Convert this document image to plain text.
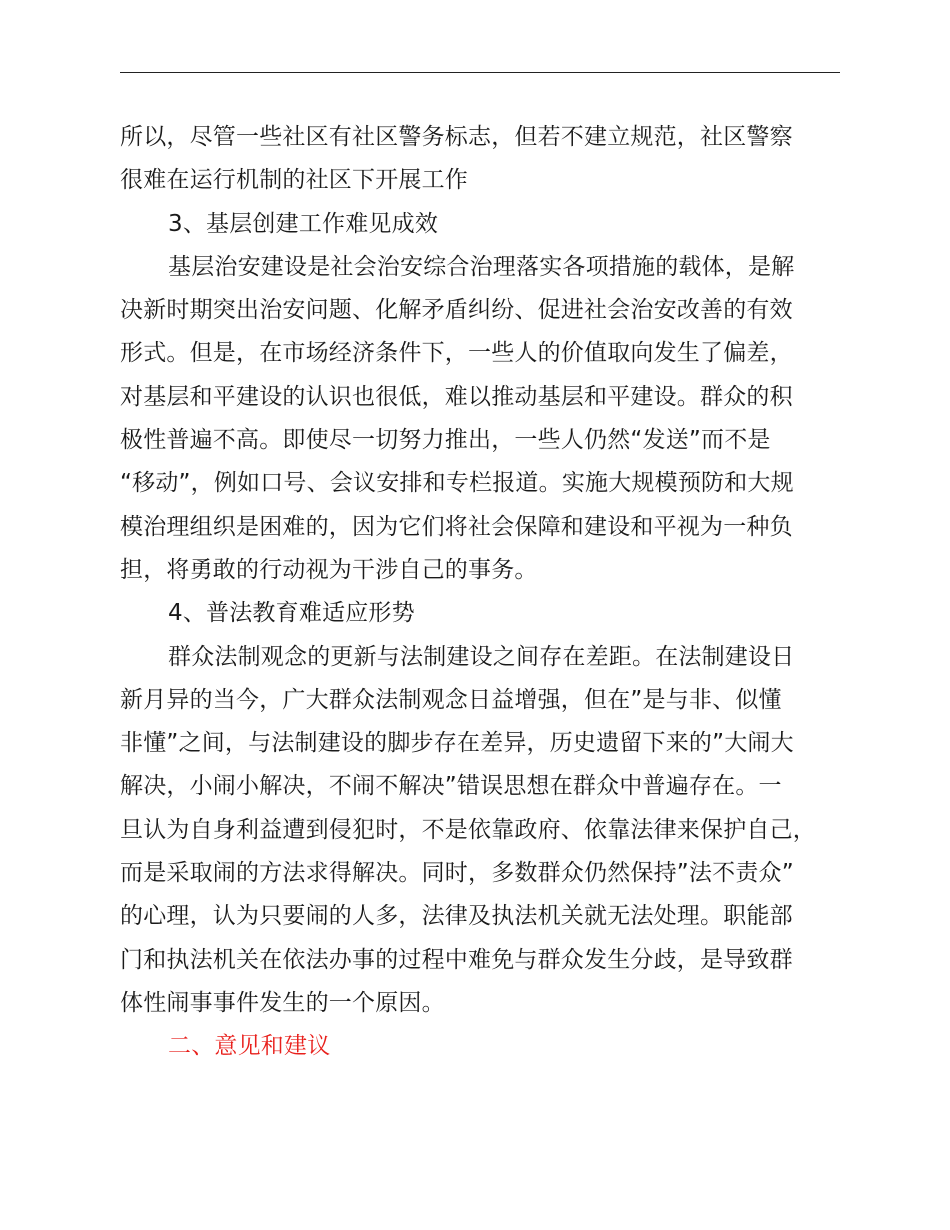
所以，尽管一些社区有社区警务标志，但若不建立规范，社区警察
很难在运行机制的社区下开展工作
3、基层创建工作难见成效
基层治安建设是社会治安综合治理落实各项措施的载体，是解
决新时期突出治安问题、化解矛盾纠纷、促进社会治安改善的有效
形式。但是，在市场经济条件下，一些人的价值取向发生了偏差，
对基层和平建设的认识也很低，难以推动基层和平建设。群众的积
极性普遍不高。即使尽一切努力推出，一些人仍然“发送”而不是
“移动”，例如口号、会议安排和专栏报道。实施大规模预防和大规
模治理组织是困难的，因为它们将社会保障和建设和平视为一种负
担，将勇敢的行动视为干涉自己的事务。
4、普法教育难适应形势
群众法制观念的更新与法制建设之间存在差距。在法制建设日
新月异的当今，广大群众法制观念日益增强，但在”是与非、似懂
非懂”之间，与法制建设的脚步存在差异，历史遗留下来的”大闹大
解决，小闹小解决，不闹不解决”错误思想在群众中普遍存在。一
旦认为自身利益遭到侵犯时，不是依靠政府、依靠法律来保护自己，
而是采取闹的方法求得解决。同时，多数群众仍然保持”法不责众”
的心理，认为只要闹的人多，法律及执法机关就无法处理。职能部
门和执法机关在依法办事的过程中难免与群众发生分歧，是导致群
体性闹事事件发生的一个原因。
二、意见和建议
